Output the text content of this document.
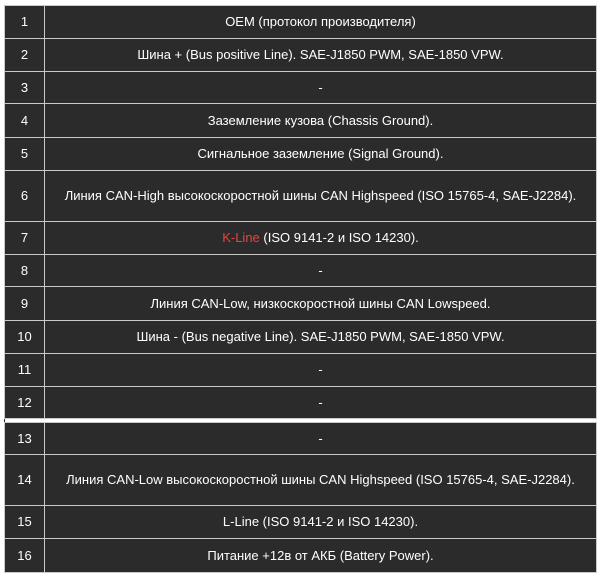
1	OEM (протокол производителя)
2	Шина + (Bus positive Line). SAE-J1850 PWM, SAE-1850 VPW.
3	-
4	Заземление кузова (Chassis Ground).
5	Сигнальное заземление (Signal Ground).
6	Линия CAN-High высокоскоростной шины CAN Highspeed (ISO 15765-4, SAE-J2284).
7	K-Line (ISO 9141-2 и ISO 14230).
8	-
9	Линия CAN-Low, низкоскоростной шины CAN Lowspeed.
10	Шина - (Bus negative Line). SAE-J1850 PWM, SAE-1850 VPW.
11	-
12	-

13	-
14	Линия CAN-Low высокоскоростной шины CAN Highspeed (ISO 15765-4, SAE-J2284).
15	L-Line (ISO 9141-2 и ISO 14230).
16	Питание +12в от АКБ (Battery Power).
